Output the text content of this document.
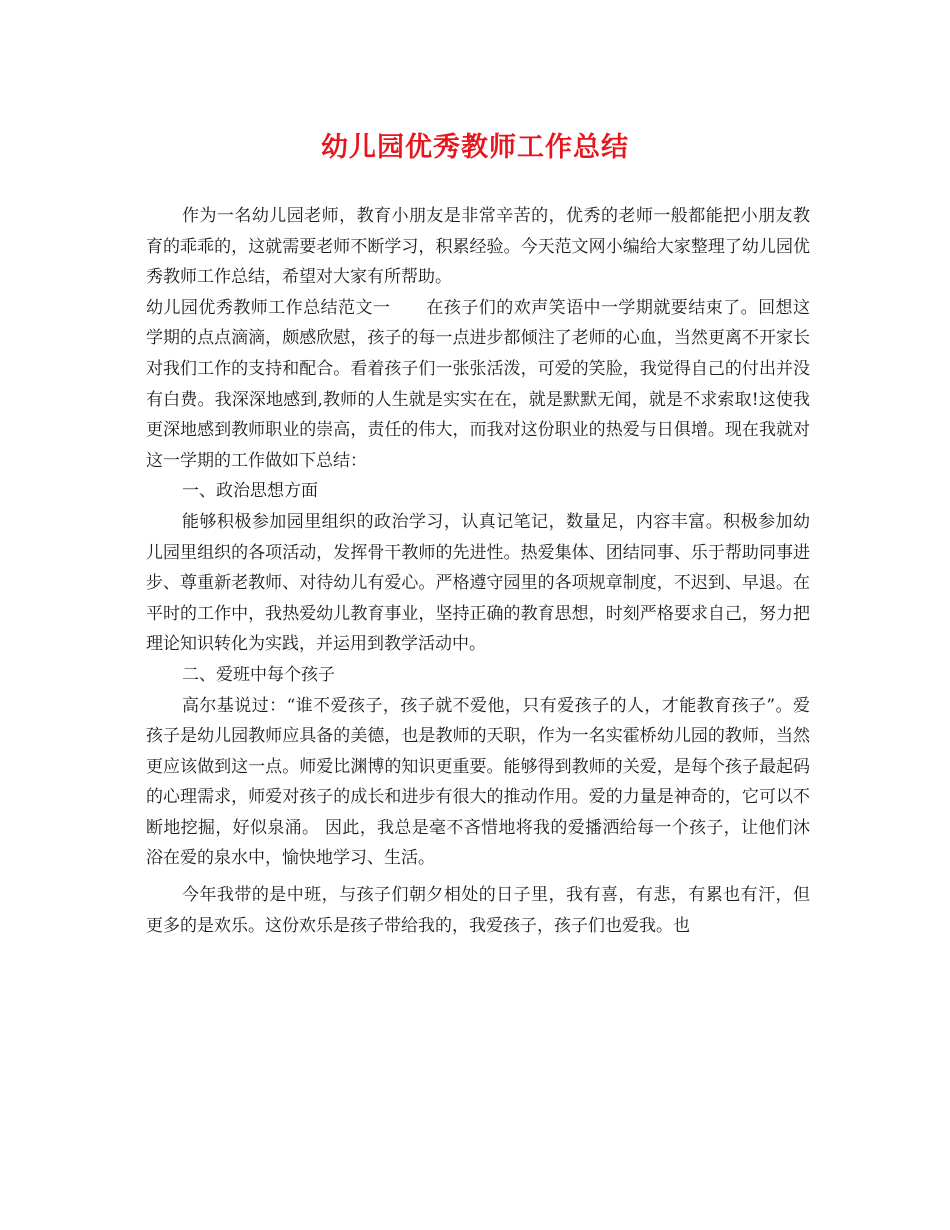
幼儿园优秀教师工作总结

作为一名幼儿园老师，教育小朋友是非常辛苦的，优秀的老师一般都能把小朋友教育的乖乖的，这就需要老师不断学习，积累经验。今天范文网小编给大家整理了幼儿园优秀教师工作总结，希望对大家有所帮助。

幼儿园优秀教师工作总结范文一 在孩子们的欢声笑语中一学期就要结束了。回想这学期的点点滴滴，颇感欣慰，孩子的每一点进步都倾注了老师的心血，当然更离不开家长对我们工作的支持和配合。看着孩子们一张张活泼，可爱的笑脸，我觉得自己的付出并没有白费。我深深地感到,教师的人生就是实实在在，就是默默无闻，就是不求索取!这使我更深地感到教师职业的崇高，责任的伟大，而我对这份职业的热爱与日俱增。现在我就对这一学期的工作做如下总结：

一、政治思想方面

能够积极参加园里组织的政治学习，认真记笔记，数量足，内容丰富。积极参加幼儿园里组织的各项活动，发挥骨干教师的先进性。热爱集体、团结同事、乐于帮助同事进步、尊重新老教师、对待幼儿有爱心。严格遵守园里的各项规章制度，不迟到、早退。在平时的工作中，我热爱幼儿教育事业，坚持正确的教育思想，时刻严格要求自己，努力把理论知识转化为实践，并运用到教学活动中。

二、爱班中每个孩子

高尔基说过：“谁不爱孩子，孩子就不爱他，只有爱孩子的人，才能教育孩子”。爱孩子是幼儿园教师应具备的美德，也是教师的天职，作为一名实霍桥幼儿园的教师，当然更应该做到这一点。师爱比渊博的知识更重要。能够得到教师的关爱，是每个孩子最起码的心理需求，师爱对孩子的成长和进步有很大的推动作用。爱的力量是神奇的，它可以不断地挖掘，好似泉涌。 因此，我总是毫不吝惜地将我的爱播洒给每一个孩子，让他们沐浴在爱的泉水中，愉快地学习、生活。

今年我带的是中班，与孩子们朝夕相处的日子里，我有喜，有悲，有累也有汗，但更多的是欢乐。这份欢乐是孩子带给我的，我爱孩子，孩子们也爱我。也
